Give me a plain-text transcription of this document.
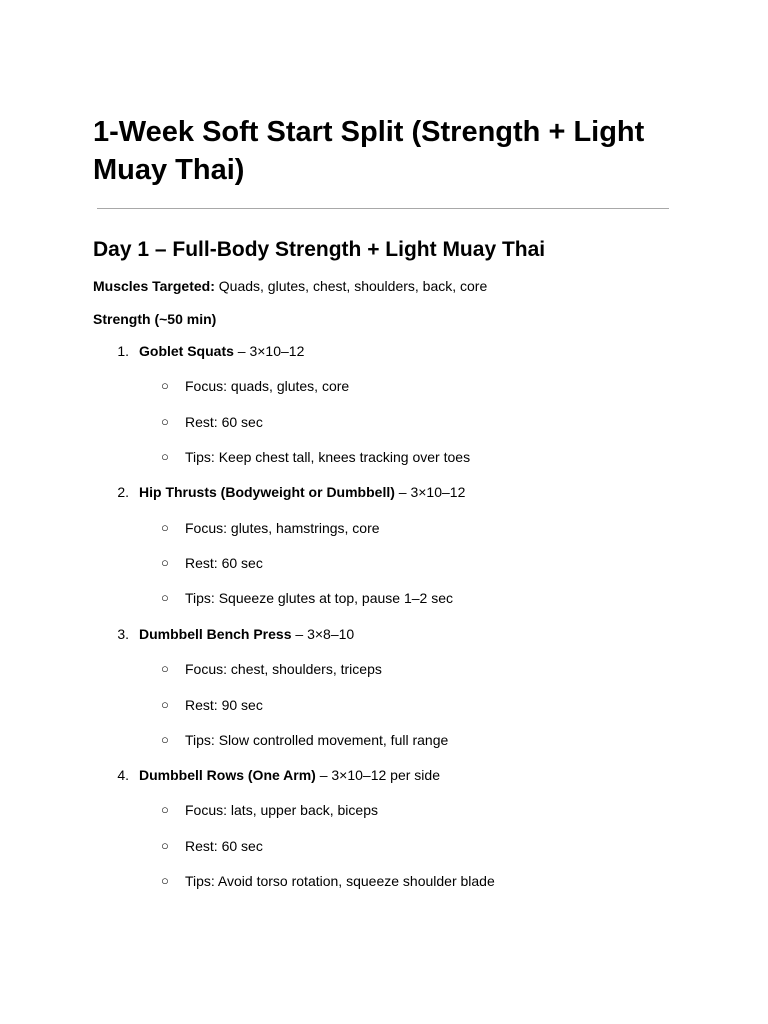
1-Week Soft Start Split (Strength + Light Muay Thai)
Day 1 – Full-Body Strength + Light Muay Thai
Muscles Targeted: Quads, glutes, chest, shoulders, back, core
Strength (~50 min)
1. Goblet Squats – 3×10–12
○ Focus: quads, glutes, core
○ Rest: 60 sec
○ Tips: Keep chest tall, knees tracking over toes
2. Hip Thrusts (Bodyweight or Dumbbell) – 3×10–12
○ Focus: glutes, hamstrings, core
○ Rest: 60 sec
○ Tips: Squeeze glutes at top, pause 1–2 sec
3. Dumbbell Bench Press – 3×8–10
○ Focus: chest, shoulders, triceps
○ Rest: 90 sec
○ Tips: Slow controlled movement, full range
4. Dumbbell Rows (One Arm) – 3×10–12 per side
○ Focus: lats, upper back, biceps
○ Rest: 60 sec
○ Tips: Avoid torso rotation, squeeze shoulder blade
